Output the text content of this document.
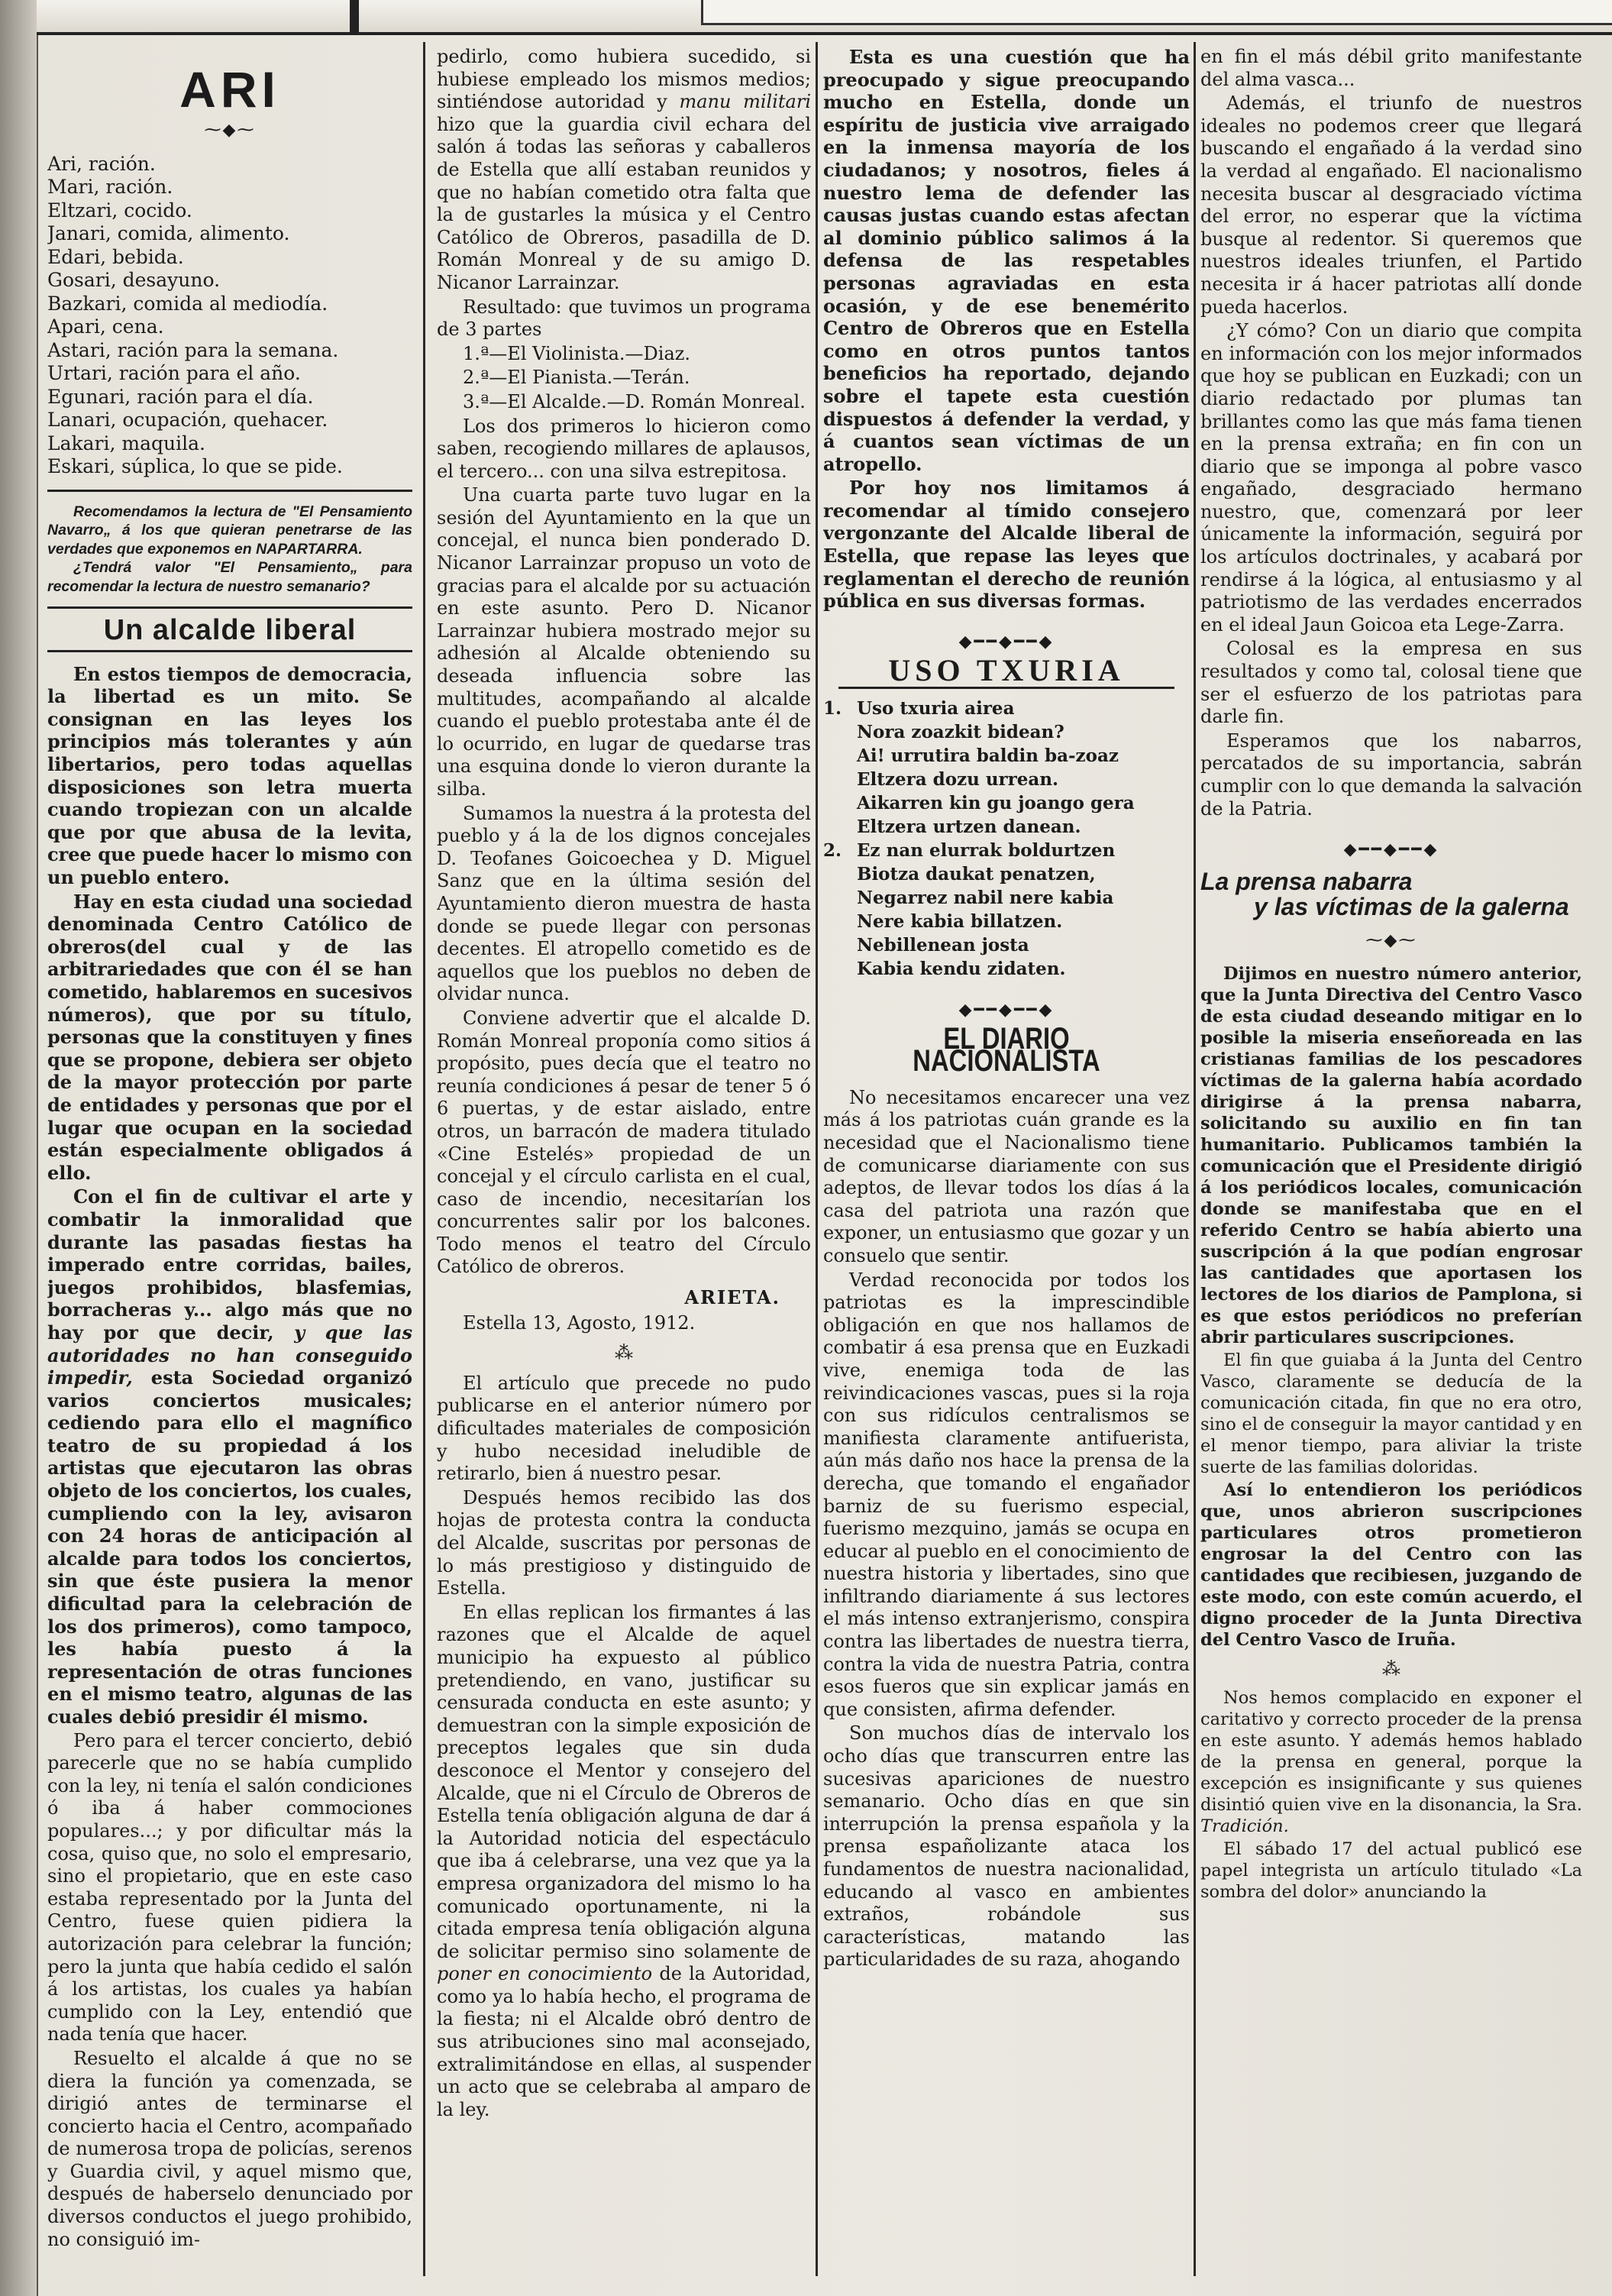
ARI
⁓◆⁓

Ari, ración.

Mari, ración.

Eltzari, cocido.

Janari, comida, alimento.

Edari, bebida.

Gosari, desayuno.

Bazkari, comida al mediodía.

Apari, cena.

Astari, ración para la semana.

Urtari, ración para el año.

Egunari, ración para el día.

Lanari, ocupación, quehacer.

Lakari, maquila.

Eskari, súplica, lo que se pide.

Recomendamos la lectura de "El Pensamiento Navarro„ á los que quieran penetrarse de las verdades que exponemos en NAPARTARRA.

¿Tendrá valor "El Pensamiento„ para recomendar la lectura de nuestro semanario?

Un alcalde liberal

En estos tiempos de democracia, la libertad es un mito. Se consignan en las leyes los principios más tolerantes y aún libertarios, pero todas aquellas disposiciones son letra muerta cuando tropiezan con un alcalde que por que abusa de la levita, cree que puede hacer lo mismo con un pueblo entero.

Hay en esta ciudad una sociedad denominada Centro Católico de obreros(del cual y de las arbitrariedades que con él se han cometido, hablaremos en sucesivos números), que por su título, personas que la constituyen y fines que se propone, debiera ser objeto de la mayor protección por parte de entidades y personas que por el lugar que ocupan en la sociedad están especialmente obligados á ello.

Con el fin de cultivar el arte y combatir la inmoralidad que durante las pasadas fiestas ha imperado entre corridas, bailes, juegos prohibidos, blasfemias, borracheras y... algo más que no hay por que decir, y que las autoridades no han conseguido impedir, esta Sociedad organizó varios conciertos musicales; cediendo para ello el magnífico teatro de su propiedad á los artistas que ejecutaron las obras objeto de los conciertos, los cuales, cumpliendo con la ley, avisaron con 24 horas de anticipación al alcalde para todos los conciertos, sin que éste pusiera la menor dificultad para la celebración de los dos primeros), como tampoco, les había puesto á la representación de otras funciones en el mismo teatro, algunas de las cuales debió presidir él mismo.

Pero para el tercer concierto, debió parecerle que no se había cumplido con la ley, ni tenía el salón condiciones ó iba á haber commociones populares...; y por dificultar más la cosa, quiso que, no solo el empresario, sino el propietario, que en este caso estaba representado por la Junta del Centro, fuese quien pidiera la autorización para celebrar la función; pero la junta que había cedido el salón á los artistas, los cuales ya habían cumplido con la Ley, entendió que nada tenía que hacer.

Resuelto el alcalde á que no se diera la función ya comenzada, se dirigió antes de terminarse el concierto hacia el Centro, acompañado de numerosa tropa de policías, serenos y Guardia civil, y aquel mismo que, después de haberselo denunciado por diversos conductos el juego prohibido, no consiguió im-

pedirlo, como hubiera sucedido, si hubiese empleado los mismos medios; sintiéndose autoridad y manu militari hizo que la guardia civil echara del salón á todas las señoras y caballeros de Estella que allí estaban reunidos y que no habían cometido otra falta que la de gustarles la música y el Centro Católico de Obreros, pasadilla de D. Román Monreal y de su amigo D. Nicanor Larrainzar.

Resultado: que tuvimos un programa de 3 partes

1.ª—El Violinista.—Diaz.

2.ª—El Pianista.—Terán.

3.ª—El Alcalde.—D. Román Monreal.

Los dos primeros lo hicieron como saben, recogiendo millares de aplausos, el tercero... con una silva estrepitosa.

Una cuarta parte tuvo lugar en la sesión del Ayuntamiento en la que un concejal, el nunca bien ponderado D. Nicanor Larrainzar propuso un voto de gracias para el alcalde por su actuación en este asunto. Pero D. Nicanor Larrainzar hubiera mostrado mejor su adhesión al Alcalde obteniendo su deseada influencia sobre las multitudes, acompañando al alcalde cuando el pueblo protestaba ante él de lo ocurrido, en lugar de quedarse tras una esquina donde lo vieron durante la silba.

Sumamos la nuestra á la protesta del pueblo y á la de los dignos concejales D. Teofanes Goicoechea y D. Miguel Sanz que en la última sesión del Ayuntamiento dieron muestra de hasta donde se puede llegar con personas decentes. El atropello cometido es de aquellos que los pueblos no deben de olvidar nunca.

Conviene advertir que el alcalde D. Román Monreal proponía como sitios á propósito, pues decía que el teatro no reunía condiciones á pesar de tener 5 ó 6 puertas, y de estar aislado, entre otros, un barracón de madera titulado «Cine Estelés» propiedad de un concejal y el círculo carlista en el cual, caso de incendio, necesitarían los concurrentes salir por los balcones. Todo menos el teatro del Círculo Católico de obreros.

ARIETA.

Estella 13, Agosto, 1912.

⁂

El artículo que precede no pudo publicarse en el anterior número por dificultades materiales de composición y hubo necesidad ineludible de retirarlo, bien á nuestro pesar.

Después hemos recibido las dos hojas de protesta contra la conducta del Alcalde, suscritas por personas de lo más prestigioso y distinguido de Estella.

En ellas replican los firmantes á las razones que el Alcalde de aquel municipio ha expuesto al público pretendiendo, en vano, justificar su censurada conducta en este asunto; y demuestran con la simple exposición de preceptos legales que sin duda desconoce el Mentor y consejero del Alcalde, que ni el Círculo de Obreros de Estella tenía obligación alguna de dar á la Autoridad noticia del espectáculo que iba á celebrarse, una vez que ya la empresa organizadora del mismo lo ha comunicado oportunamente, ni la citada empresa tenía obligación alguna de solicitar permiso sino solamente de poner en conocimiento de la Autoridad, como ya lo había hecho, el programa de la fiesta; ni el Alcalde obró dentro de sus atribuciones sino mal aconsejado, extralimitándose en ellas, al suspender un acto que se celebraba al amparo de la ley.

Esta es una cuestión que ha preocupado y sigue preocupando mucho en Estella, donde un espíritu de justicia vive arraigado en la inmensa mayoría de los ciudadanos; y nosotros, fieles á nuestro lema de defender las causas justas cuando estas afectan al dominio público salimos á la defensa de las respetables personas agraviadas en esta ocasión, y de ese benemérito Centro de Obreros que en Estella como en otros puntos tantos beneficios ha reportado, dejando sobre el tapete esta cuestión dispuestos á defender la verdad, y á cuantos sean víctimas de un atropello.

Por hoy nos limitamos á recomendar al tímido consejero vergonzante del Alcalde liberal de Estella, que repase las leyes que reglamentan el derecho de reunión pública en sus diversas formas.

◆━━◆━━◆
USO TXURIA

1. Uso txuria airea

Nora zoazkit bidean?

Ai! urrutira baldin ba-zoaz

Eltzera dozu urrean.

Aikarren kin gu joango gera

Eltzera urtzen danean.

2. Ez nan elurrak boldurtzen

Biotza daukat penatzen,

Negarrez nabil nere kabia

Nere kabia billatzen.

Nebillenean josta

Kabia kendu zidaten.

◆━━◆━━◆
EL DIARIO NACIONALISTA

No necesitamos encarecer una vez más á los patriotas cuán grande es la necesidad que el Nacionalismo tiene de comunicarse diariamente con sus adeptos, de llevar todos los días á la casa del patriota una razón que exponer, un entusiasmo que gozar y un consuelo que sentir.

Verdad reconocida por todos los patriotas es la imprescindible obligación en que nos hallamos de combatir á esa prensa que en Euzkadi vive, enemiga toda de las reivindicaciones vascas, pues si la roja con sus ridículos centralismos se manifiesta claramente antifuerista, aún más daño nos hace la prensa de la derecha, que tomando el engañador barniz de su fuerismo especial, fuerismo mezquino, jamás se ocupa en educar al pueblo en el conocimiento de nuestra historia y libertades, sino que infiltrando diariamente á sus lectores el más intenso extranjerismo, conspira contra las libertades de nuestra tierra, contra la vida de nuestra Patria, contra esos fueros que sin explicar jamás en que consisten, afirma defender.

Son muchos días de intervalo los ocho días que transcurren entre las sucesivas apariciones de nuestro semanario. Ocho días en que sin interrupción la prensa española y la prensa españolizante ataca los fundamentos de nuestra nacionalidad, educando al vasco en ambientes extraños, robándole sus características, matando las particularidades de su raza, ahogando

en fin el más débil grito manifestante del alma vasca...

Además, el triunfo de nuestros ideales no podemos creer que llegará buscando el engañado á la verdad sino la verdad al engañado. El nacionalismo necesita buscar al desgraciado víctima del error, no esperar que la víctima busque al redentor. Si queremos que nuestros ideales triunfen, el Partido necesita ir á hacer patriotas allí donde pueda hacerlos.

¿Y cómo? Con un diario que compita en información con los mejor informados que hoy se publican en Euzkadi; con un diario redactado por plumas tan brillantes como las que más fama tienen en la prensa extraña; en fin con un diario que se imponga al pobre vasco engañado, desgraciado hermano nuestro, que, comenzará por leer únicamente la información, seguirá por los artículos doctrinales, y acabará por rendirse á la lógica, al entusiasmo y al patriotismo de las verdades encerrados en el ideal Jaun Goicoa eta Lege-Zarra.

Colosal es la empresa en sus resultados y como tal, colosal tiene que ser el esfuerzo de los patriotas para darle fin.

Esperamos que los nabarros, percatados de su importancia, sabrán cumplir con lo que demanda la salvación de la Patria.

◆━━◆━━◆
La prensa nabarra
y las víctimas de la galerna
⁓◆⁓

Dijimos en nuestro número anterior, que la Junta Directiva del Centro Vasco de esta ciudad deseando mitigar en lo posible la miseria enseñoreada en las cristianas familias de los pescadores víctimas de la galerna había acordado dirigirse á la prensa nabarra, solicitando su auxilio en fin tan humanitario. Publicamos también la comunicación que el Presidente dirigió á los periódicos locales, comunicación donde se manifestaba que en el referido Centro se había abierto una suscripción á la que podían engrosar las cantidades que aportasen los lectores de los diarios de Pamplona, si es que estos periódicos no preferían abrir particulares suscripciones.

El fin que guiaba á la Junta del Centro Vasco, claramente se deducía de la comunicación citada, fin que no era otro, sino el de conseguir la mayor cantidad y en el menor tiempo, para aliviar la triste suerte de las familias doloridas.

Así lo entendieron los periódicos que, unos abrieron suscripciones particulares otros prometieron engrosar la del Centro con las cantidades que recibiesen, juzgando de este modo, con este común acuerdo, el digno proceder de la Junta Directiva del Centro Vasco de Iruña.

⁂

Nos hemos complacido en exponer el caritativo y correcto proceder de la prensa en este asunto. Y además hemos hablado de la prensa en general, porque la excepción es insignificante y sus quienes disintió quien vive en la disonancia, la Sra. Tradición.

El sábado 17 del actual publicó ese papel integrista un artículo titulado «La sombra del dolor» anunciando la
